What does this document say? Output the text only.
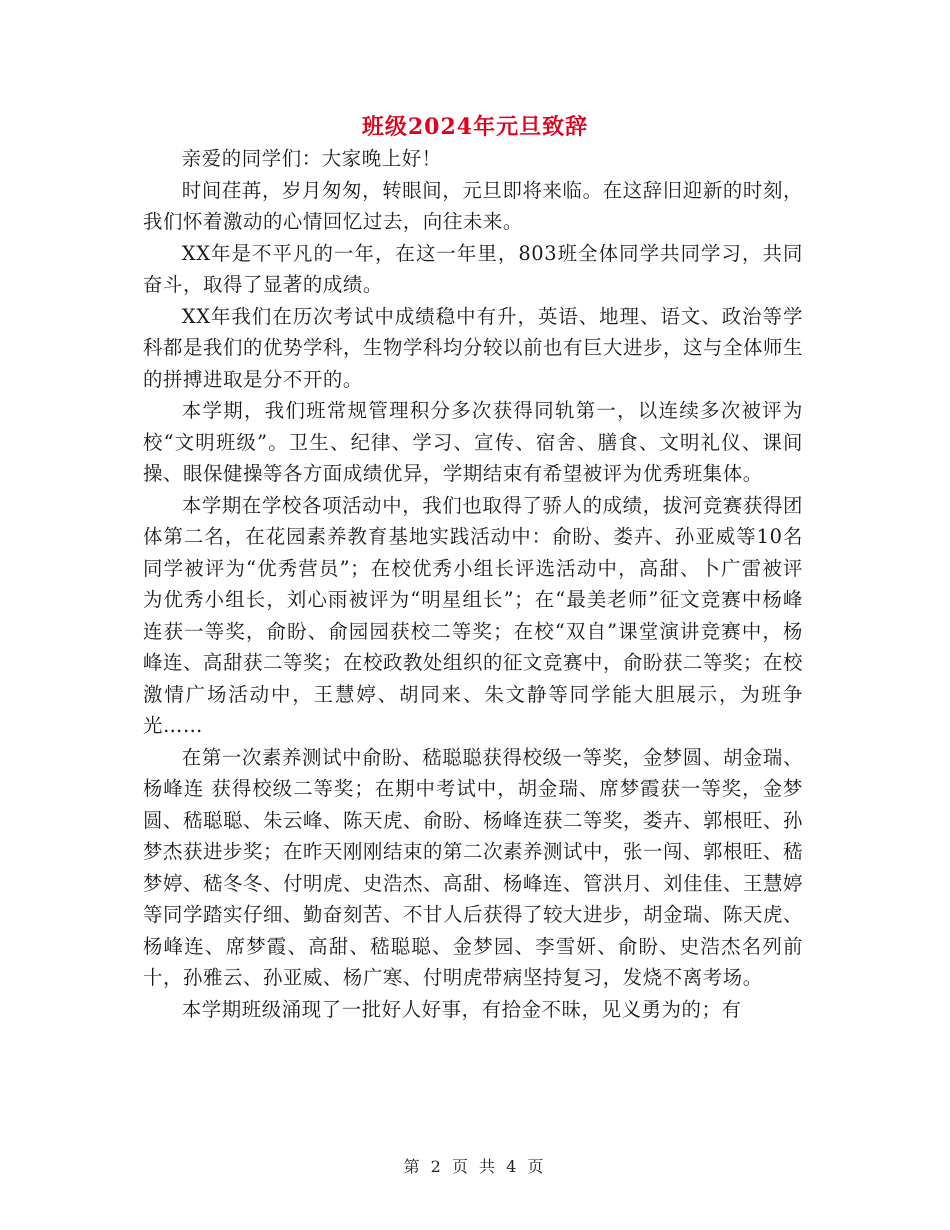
班级2024年元旦致辞

亲爱的同学们：大家晚上好！

时间荏苒，岁月匆匆，转眼间，元旦即将来临。在这辞旧迎新的时刻，我们怀着激动的心情回忆过去，向往未来。

XX年是不平凡的一年，在这一年里，803班全体同学共同学习，共同奋斗，取得了显著的成绩。

XX年我们在历次考试中成绩稳中有升，英语、地理、语文、政治等学科都是我们的优势学科，生物学科均分较以前也有巨大进步，这与全体师生的拼搏进取是分不开的。

本学期，我们班常规管理积分多次获得同轨第一，以连续多次被评为校“文明班级”。卫生、纪律、学习、宣传、宿舍、膳食、文明礼仪、课间操、眼保健操等各方面成绩优异，学期结束有希望被评为优秀班集体。

本学期在学校各项活动中，我们也取得了骄人的成绩，拔河竞赛获得团体第二名，在花园素养教育基地实践活动中：俞盼、娄卉、孙亚威等10名同学被评为“优秀营员”；在校优秀小组长评选活动中，高甜、卜广雷被评为优秀小组长，刘心雨被评为“明星组长”；在“最美老师”征文竞赛中杨峰连获一等奖，俞盼、俞园园获校二等奖；在校“双自”课堂演讲竞赛中，杨峰连、高甜获二等奖；在校政教处组织的征文竞赛中，俞盼获二等奖；在校激情广场活动中，王慧婷、胡同来、朱文静等同学能大胆展示，为班争光……

在第一次素养测试中俞盼、嵇聪聪获得校级一等奖，金梦圆、胡金瑞、杨峰连 获得校级二等奖；在期中考试中，胡金瑞、席梦霞获一等奖，金梦圆、嵇聪聪、朱云峰、陈天虎、俞盼、杨峰连获二等奖，娄卉、郭根旺、孙梦杰获进步奖；在昨天刚刚结束的第二次素养测试中，张一闯、郭根旺、嵇梦婷、嵇冬冬、付明虎、史浩杰、高甜、杨峰连、管洪月、刘佳佳、王慧婷等同学踏实仔细、勤奋刻苦、不甘人后获得了较大进步，胡金瑞、陈天虎、杨峰连、席梦霞、高甜、嵇聪聪、金梦园、李雪妍、俞盼、史浩杰名列前十，孙雅云、孙亚威、杨广寒、付明虎带病坚持复习，发烧不离考场。

本学期班级涌现了一批好人好事，有拾金不昧，见义勇为的；有

第 2 页 共 4 页
